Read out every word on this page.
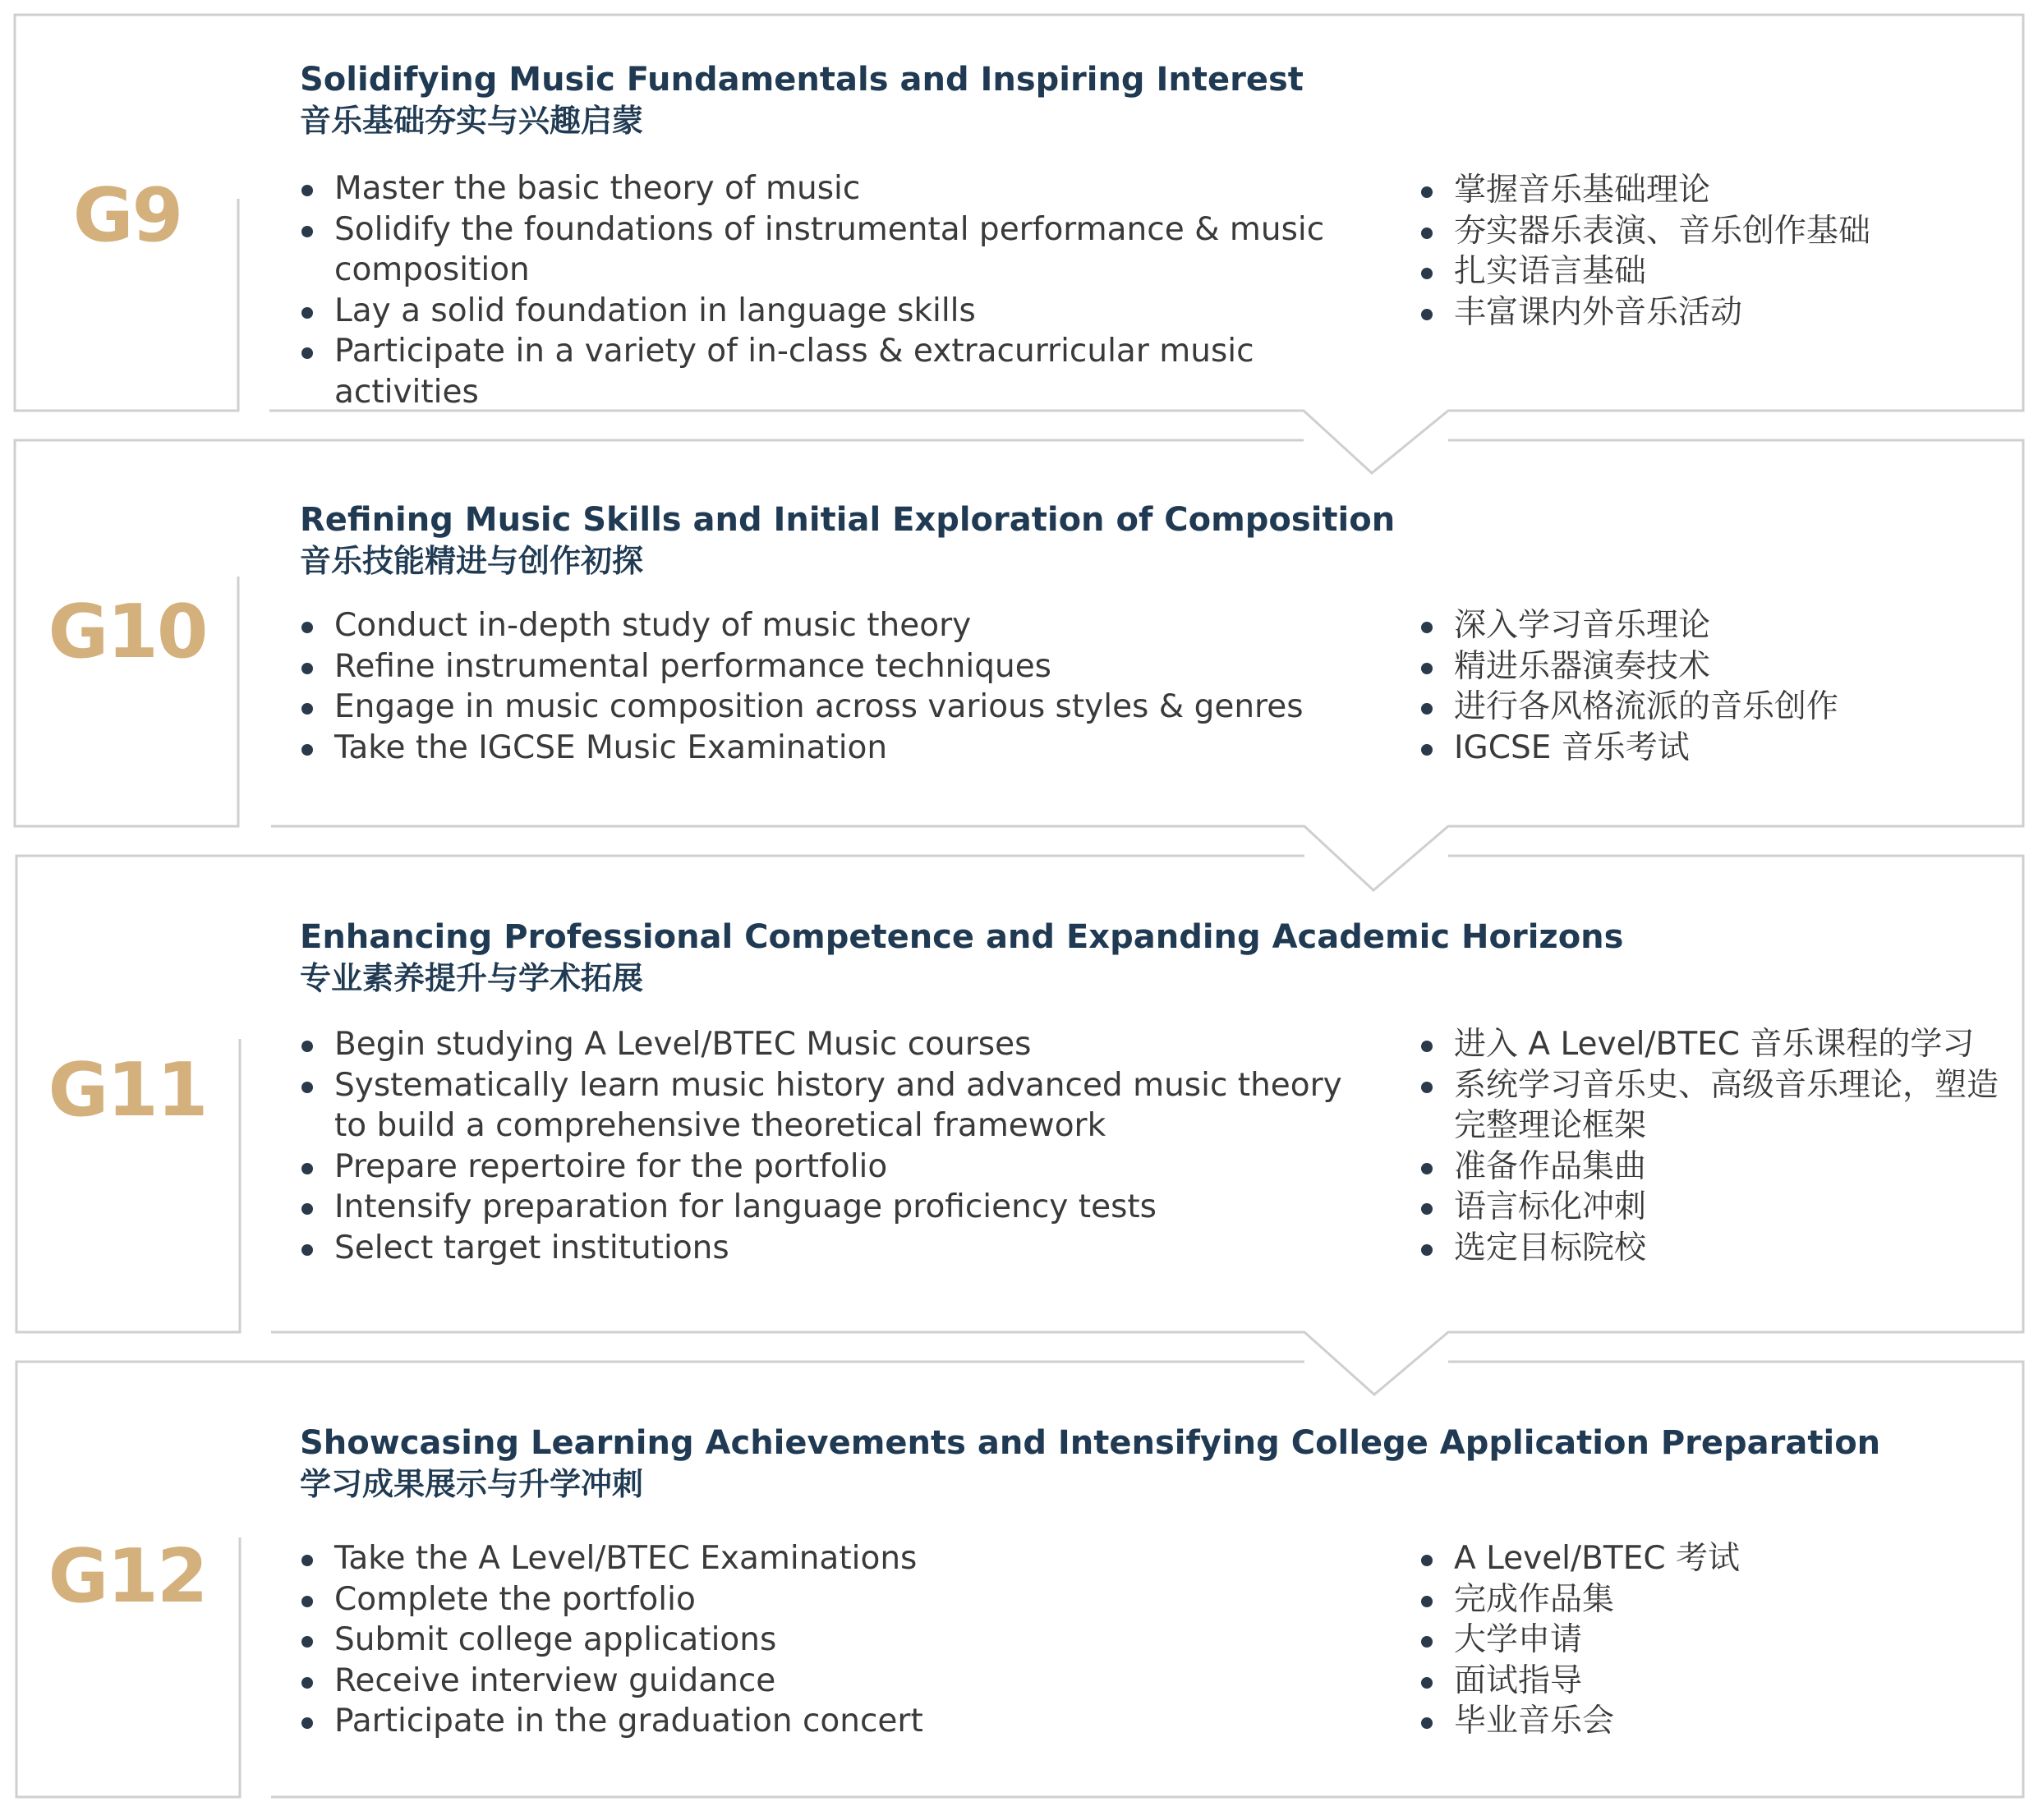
G9
Solidifying Music Fundamentals and Inspiring Interest
音乐基础夯实与兴趣启蒙
Master the basic theory of music
Solidify the foundations of instrumental performance & music composition
Lay a solid foundation in language skills
Participate in a variety of in-class & extracurricular music activities
掌握音乐基础理论
夯实器乐表演、音乐创作基础
扎实语言基础
丰富课内外音乐活动
G10
Refining Music Skills and Initial Exploration of Composition
音乐技能精进与创作初探
Conduct in-depth study of music theory
Refine instrumental performance techniques
Engage in music composition across various styles & genres
Take the IGCSE Music Examination
深入学习音乐理论
精进乐器演奏技术
进行各风格流派的音乐创作
IGCSE 音乐考试
G11
Enhancing Professional Competence and Expanding Academic Horizons
专业素养提升与学术拓展
Begin studying A Level/BTEC Music courses
Systematically learn music history and advanced music theory to build a comprehensive theoretical framework
Prepare repertoire for the portfolio
Intensify preparation for language proficiency tests
Select target institutions
进入 A Level/BTEC 音乐课程的学习
系统学习音乐史、高级音乐理论，塑造完整理论框架
准备作品集曲
语言标化冲刺
选定目标院校
G12
Showcasing Learning Achievements and Intensifying College Application Preparation
学习成果展示与升学冲刺
Take the A Level/BTEC Examinations
Complete the portfolio
Submit college applications
Receive interview guidance
Participate in the graduation concert
A Level/BTEC 考试
完成作品集
大学申请
面试指导
毕业音乐会
